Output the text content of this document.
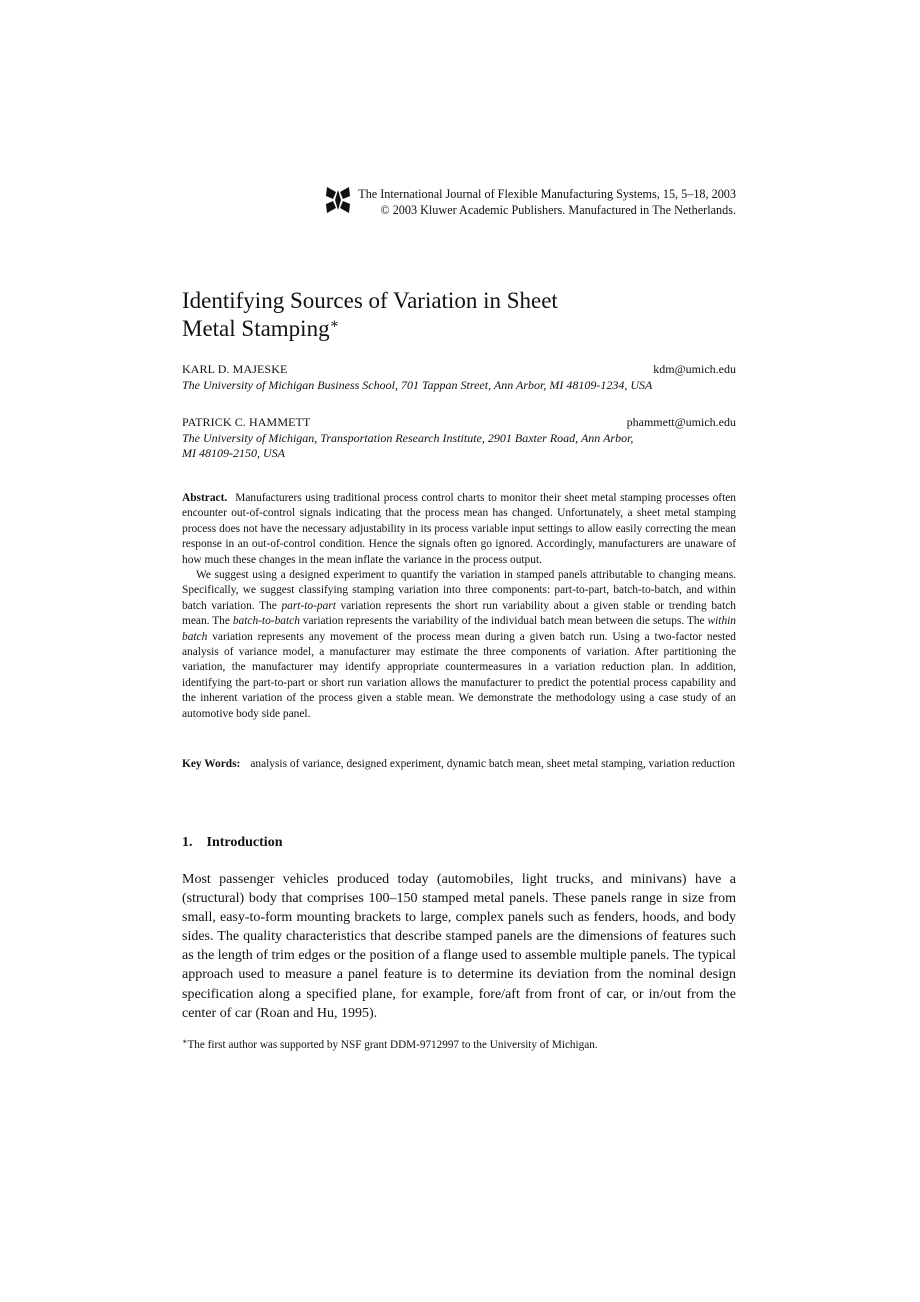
The International Journal of Flexible Manufacturing Systems, 15, 5–18, 2003
© 2003 Kluwer Academic Publishers. Manufactured in The Netherlands.
Identifying Sources of Variation in Sheet
Metal Stamping∗
KARL D. MAJESKE	kdm@umich.edu
The University of Michigan Business School, 701 Tappan Street, Ann Arbor, MI 48109-1234, USA
PATRICK C. HAMMETT	phammett@umich.edu
The University of Michigan, Transportation Research Institute, 2901 Baxter Road, Ann Arbor,
MI 48109-2150, USA

Abstract. Manufacturers using traditional process control charts to monitor their sheet metal stamping processes often encounter out-of-control signals indicating that the process mean has changed. Unfortunately, a sheet metal stamping process does not have the necessary adjustability in its process variable input settings to allow easily correcting the mean response in an out-of-control condition. Hence the signals often go ignored. Accordingly, manufacturers are unaware of how much these changes in the mean inflate the variance in the process output.

We suggest using a designed experiment to quantify the variation in stamped panels attributable to changing means. Specifically, we suggest classifying stamping variation into three components: part-to-part, batch-to-batch, and within batch variation. The part-to-part variation represents the short run variability about a given stable or trending batch mean. The batch-to-batch variation represents the variability of the individual batch mean between die setups. The within batch variation represents any movement of the process mean during a given batch run. Using a two-factor nested analysis of variance model, a manufacturer may estimate the three components of variation. After partitioning the variation, the manufacturer may identify appropriate countermeasures in a variation reduction plan. In addition, identifying the part-to-part or short run variation allows the manufacturer to predict the potential process capability and the inherent variation of the process given a stable mean. We demonstrate the methodology using a case study of an automotive body side panel.

Key Words: analysis of variance, designed experiment, dynamic batch mean, sheet metal stamping, variation reduction
1. Introduction

Most passenger vehicles produced today (automobiles, light trucks, and minivans) have a (structural) body that comprises 100–150 stamped metal panels. These panels range in size from small, easy-to-form mounting brackets to large, complex panels such as fenders, hoods, and body sides. The quality characteristics that describe stamped panels are the dimensions of features such as the length of trim edges or the position of a flange used to assemble multiple panels. The typical approach used to measure a panel feature is to determine its deviation from the nominal design specification along a specified plane, for example, fore/aft from front of car, or in/out from the center of car (Roan and Hu, 1995).

∗The first author was supported by NSF grant DDM-9712997 to the University of Michigan.
